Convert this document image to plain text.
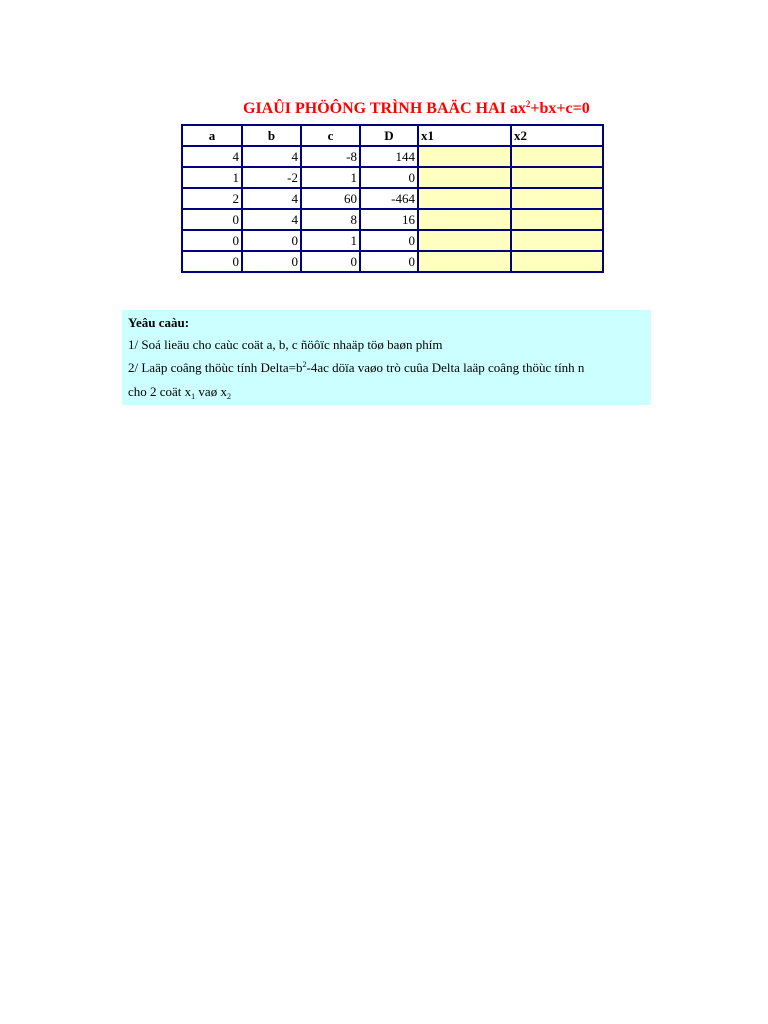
GIAÛI PHÖÔNG TRÌNH BAÄC HAI $ax^2+bx+c=0$
a	b	c	D	x1	x2
4	4	-8	144		
1	-2	1	0		
2	4	60	-464		
0	4	8	16		
0	0	1	0		
0	0	0	0		
Yeâu caàu:
1/ Soá lieäu cho caùc coät a, b, c ñöôïc nhaäp töø baøn phím
2/ Laäp coâng thöùc tính $Delta=b^2-4ac$ döïa vaøo trò cuûa Delta laäp coâng thöùc tính n
cho 2 coät $x_1$ vaø $x_2$
